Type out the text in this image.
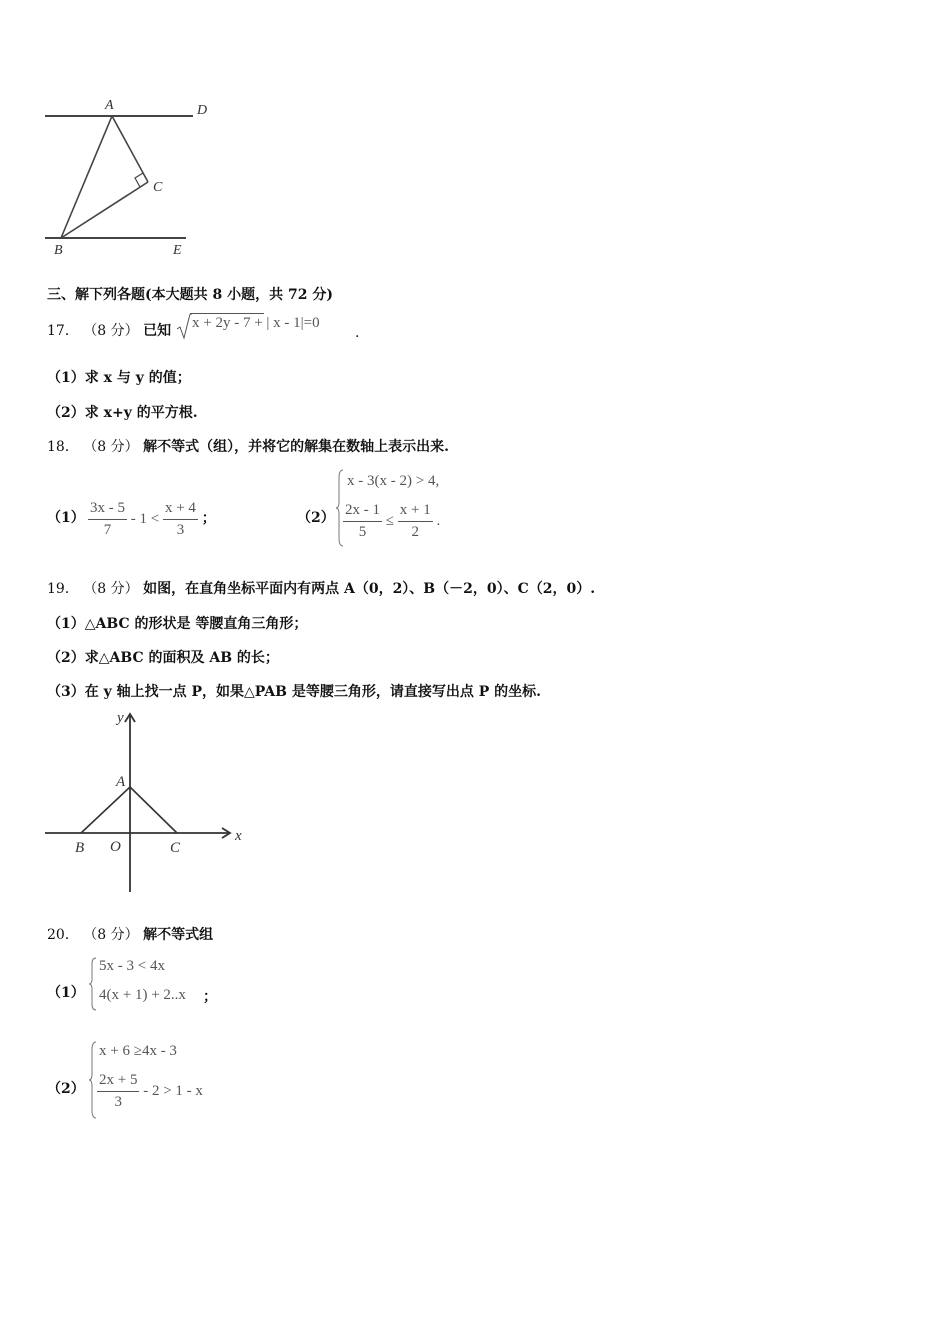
A	D
C
B	E
三、解下列各题(本大题共 8 小题，共 72 分)
17． （8 分） 已知 x + 2y - 7 + | x - 1|=0
.
（1）求 x 与 y 的值；
（2）求 x+y 的平方根.
18． （8 分） 解不等式（组），并将它的解集在数轴上表示出来.
$(1) \frac{3x - 5}{7} - 1 < \frac{x + 4}{3}$ ；	（2）
x - 3(x - 2) > 4,
$\frac{2x - 1}{5} \le \frac{x + 1}{2}$ .
19． （8 分） 如图，在直角坐标平面内有两点 A（0，2）、B（－2，0）、C（2，0）.
（1）△ABC 的形状是 等腰直角三角形；
（2）求△ABC 的面积及 AB 的长；
（3）在 y 轴上找一点 P，如果△PAB 是等腰三角形，请直接写出点 P 的坐标.
y
A
x
B O	C
20． （8 分） 解不等式组
（1）
5x - 3 < 4x
4(x + 1) + 2..x ；
（2）
x + 6 ≥4x - 3
$\frac{2x + 5}{3} - 2 > 1 - x$
